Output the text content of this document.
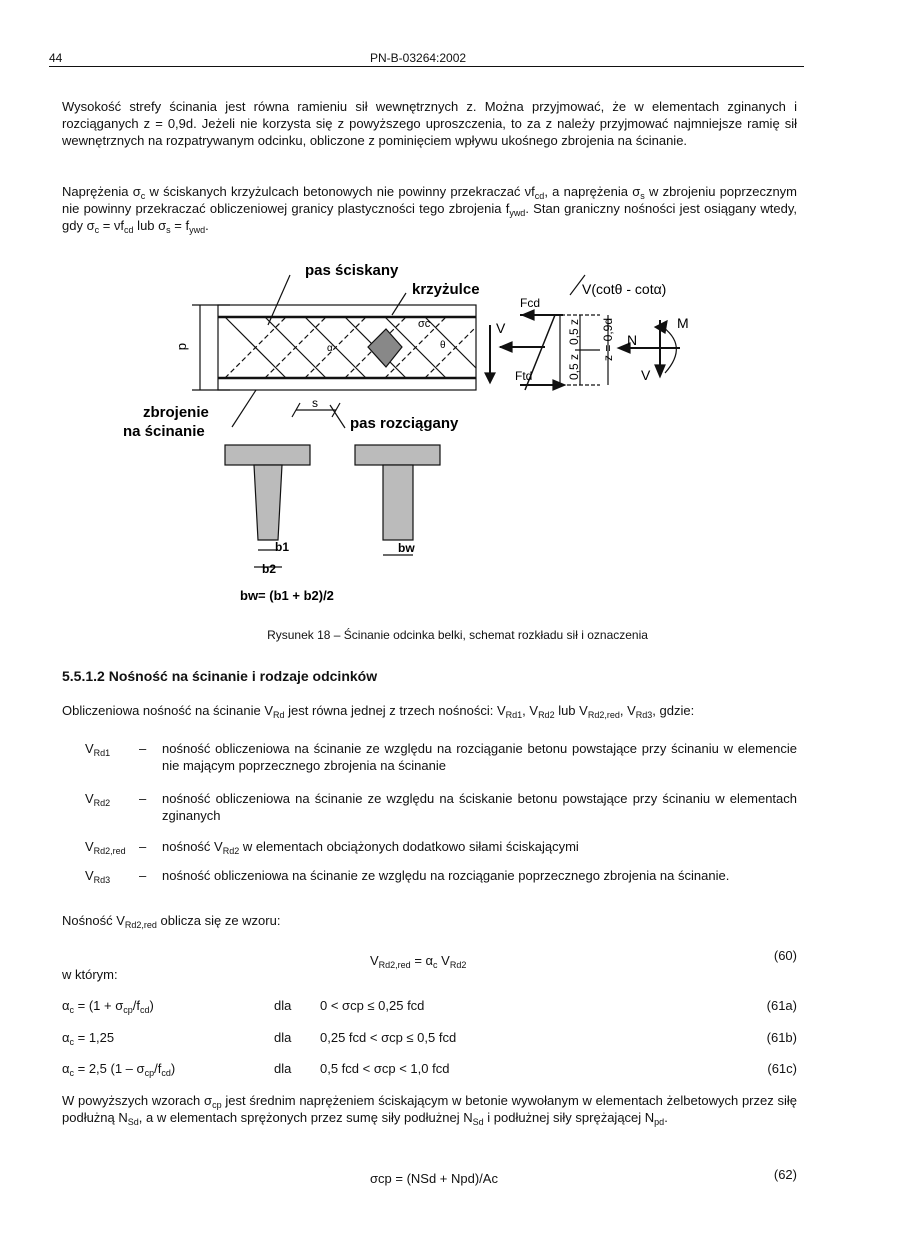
44	PN-B-03264:2002
Wysokość strefy ścinania jest równa ramieniu sił wewnętrznych z. Można przyjmować, że w elementach zginanych i rozciąganych z = 0,9d. Jeżeli nie korzysta się z powyższego uproszczenia, to za z należy przyjmować najmniejsze ramię sił wewnętrznych na rozpatrywanym odcinku, obliczone z pominięciem wpływu ukośnego zbrojenia na ścinanie.
Naprężenia $\sigma_c$ w ściskanych krzyżulcach betonowych nie powinny przekraczać $\nu f_{cd}$, a naprężenia $\sigma_s$ w zbrojeniu poprzecznym nie powinny przekraczać obliczeniowej granicy plastyczności tego zbrojenia $f_{ywd}$. Stan graniczny nośności jest osiągany wtedy, gdy $\sigma_c = \nu f_{cd}$ lub $\sigma_s = f_{ywd}$.
pas ściskany
krzyżulce
zbrojenie
na ścinanie	pas rozciągany
d
s
σc
θ
α
V
Fcd
Ftd
V(cotθ - cotα)
0,5 z
0,5 z
z = 0,9d N
M
V
b1
b2
bw
bw= (b1 + b2)/2
Rysunek 18 – Ścinanie odcinka belki, schemat rozkładu sił i oznaczenia
5.5.1.2 Nośność na ścinanie i rodzaje odcinków
Obliczeniowa nośność na ścinanie $V_{Rd}$ jest równa jednej z trzech nośności: $V_{Rd1}$, $V_{Rd2}$ lub $V_{Rd2,red}$, $V_{Rd3}$, gdzie:
$V_{Rd1}$	– nośność obliczeniowa na ścinanie ze względu na rozciąganie betonu powstające przy ścinaniu w elemencie nie mającym poprzecznego zbrojenia na ścinanie
$V_{Rd2}$	– nośność obliczeniowa na ścinanie ze względu na ściskanie betonu powstające przy ścinaniu w elementach zginanych
$V_{Rd2,red}$	– nośność $V_{Rd2}$ w elementach obciążonych dodatkowo siłami ściskającymi
$V_{Rd3}$	– nośność obliczeniowa na ścinanie ze względu na rozciąganie poprzecznego zbrojenia na ścinanie.
Nośność $V_{Rd2,red}$ oblicza się ze wzoru:
$V_{Rd2,red} = \alpha_c$ $V_{Rd2}$
(60)
w którym:
$\alpha_c = (1 + \sigma_{cp}/f_{cd})$	dla 0 < σcp ≤ 0,25 fcd	(61a)
$\alpha_c = 1,25$	dla 0,25 fcd < σcp ≤ 0,5 fcd	(61b)
$\alpha_c = 2,5$ $(1 - \sigma_{cp}/f_{cd})$	dla 0,5 fcd < σcp < 1,0 fcd	(61c)
W powyższych wzorach $\sigma_{cp}$ jest średnim naprężeniem ściskającym w betonie wywołanym w elementach żelbetowych przez siłę podłużną $N_{Sd}$, a w elementach sprężonych przez sumę siły podłużnej $N_{Sd}$ i podłużnej siły sprężającej $N_{pd}$.
σcp = (NSd + Npd)/Ac	(62)
